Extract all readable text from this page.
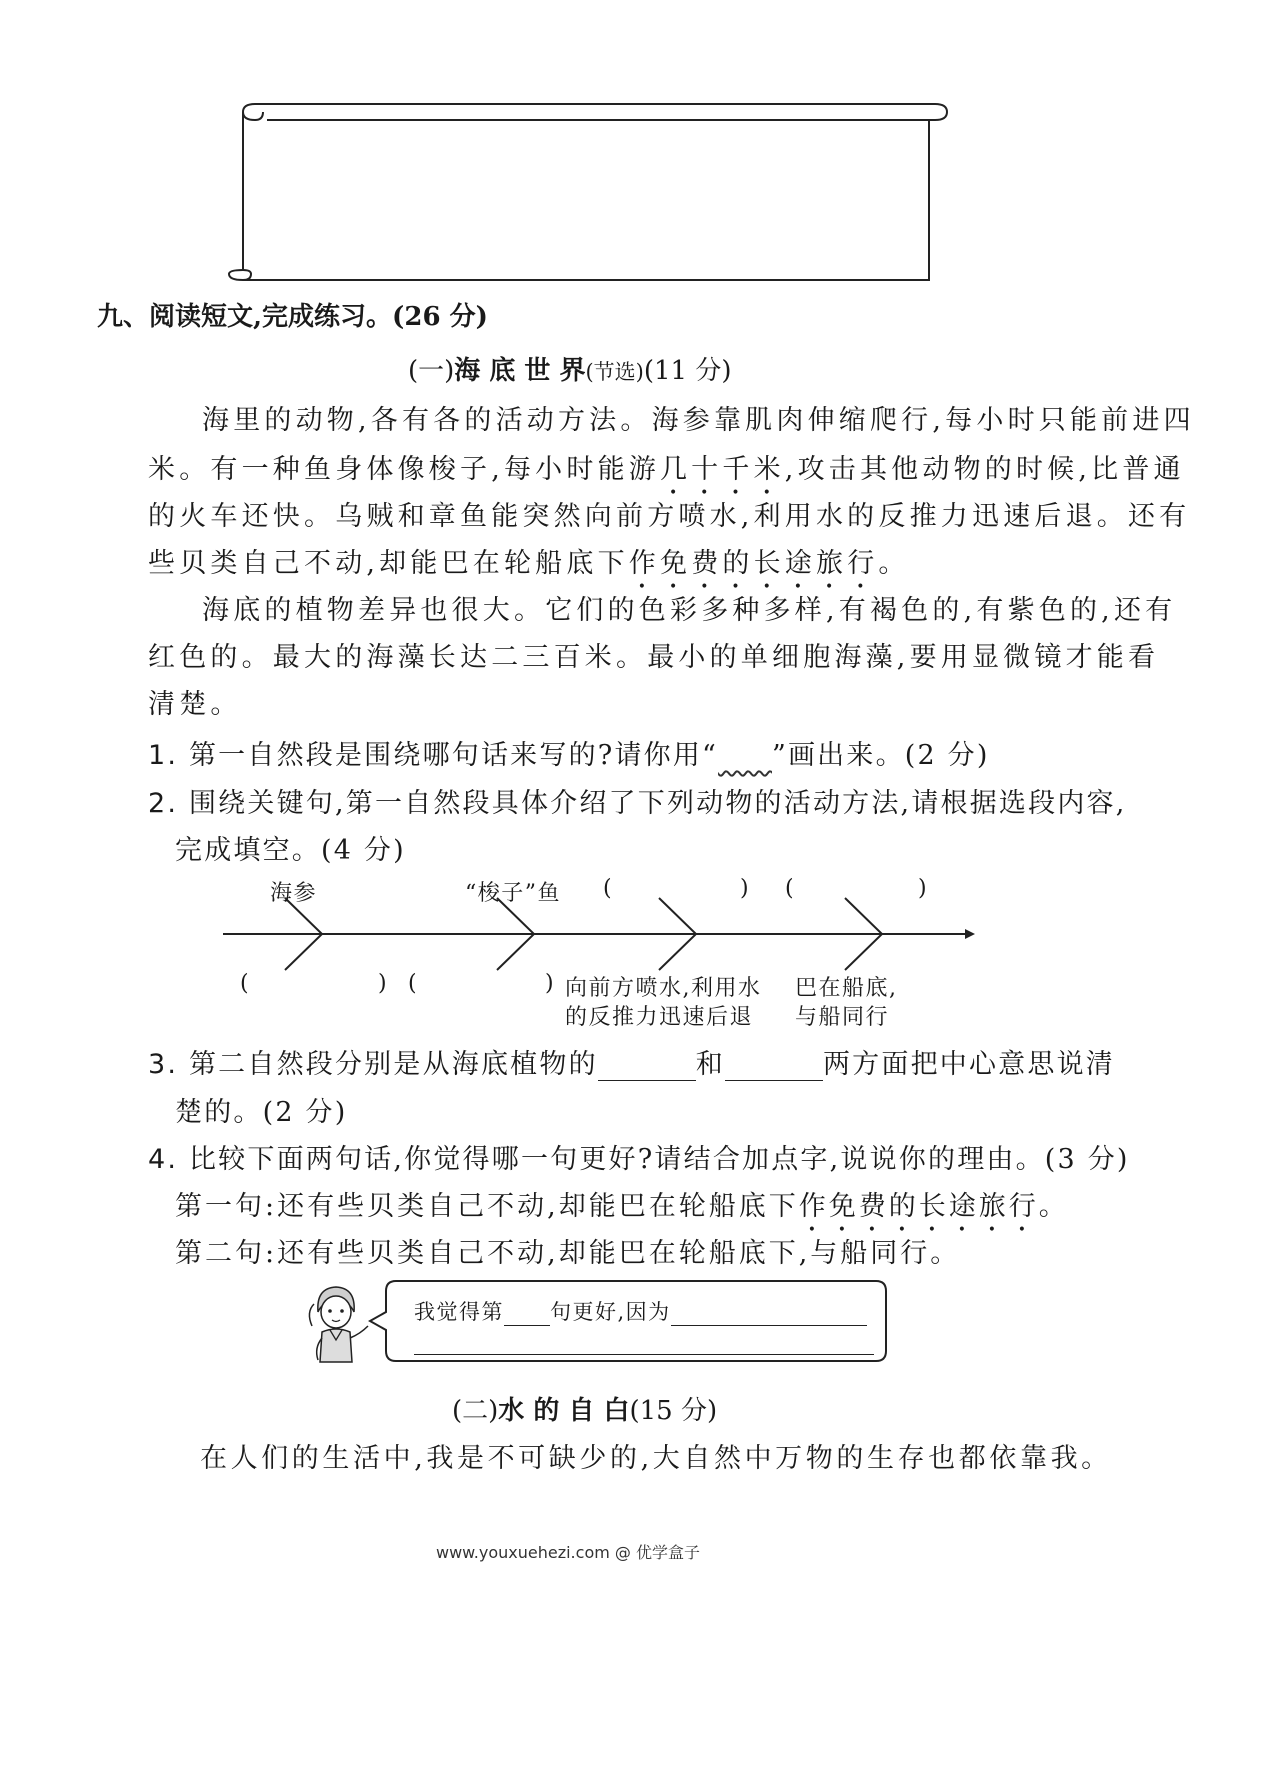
九、阅读短文,完成练习。(26 分)
(一)海 底 世 界(节选)(11 分)
海里的动物,各有各的活动方法。海参靠肌肉伸缩爬行,每小时只能前进四
米。有一种鱼身体像梭子,每小时能游几十千米,攻击其他动物的时候,比普通
的火车还快。乌贼和章鱼能突然向前方喷水,利用水的反推力迅速后退。还有
些贝类自己不动,却能巴在轮船底下作免费的长途旅行。
海底的植物差异也很大。它们的色彩多种多样,有褐色的,有紫色的,还有
红色的。最大的海藻长达二三百米。最小的单细胞海藻,要用显微镜才能看
清楚。
1. 第一自然段是围绕哪句话来写的?请你用“ ”画出来。(2 分)
2. 围绕关键句,第一自然段具体介绍了下列动物的活动方法,请根据选段内容,
完成填空。(4 分)
海参	“梭子”鱼 (	) (	)
(	) (	) 向前方喷水,利用水
的反推力迅速后退
巴在船底,
与船同行
3. 第二自然段分别是从海底植物的	和	两方面把中心意思说清
楚的。(2 分)
4. 比较下面两句话,你觉得哪一句更好?请结合加点字,说说你的理由。(3 分)
第一句:还有些贝类自己不动,却能巴在轮船底下作免费的长途旅行。
第二句:还有些贝类自己不动,却能巴在轮船底下,与船同行。
我觉得第 句更好,因为
(二)水 的 自 白(15 分)
在人们的生活中,我是不可缺少的,大自然中万物的生存也都依靠我。
www.youxuehezi.com @ 优学盒子
